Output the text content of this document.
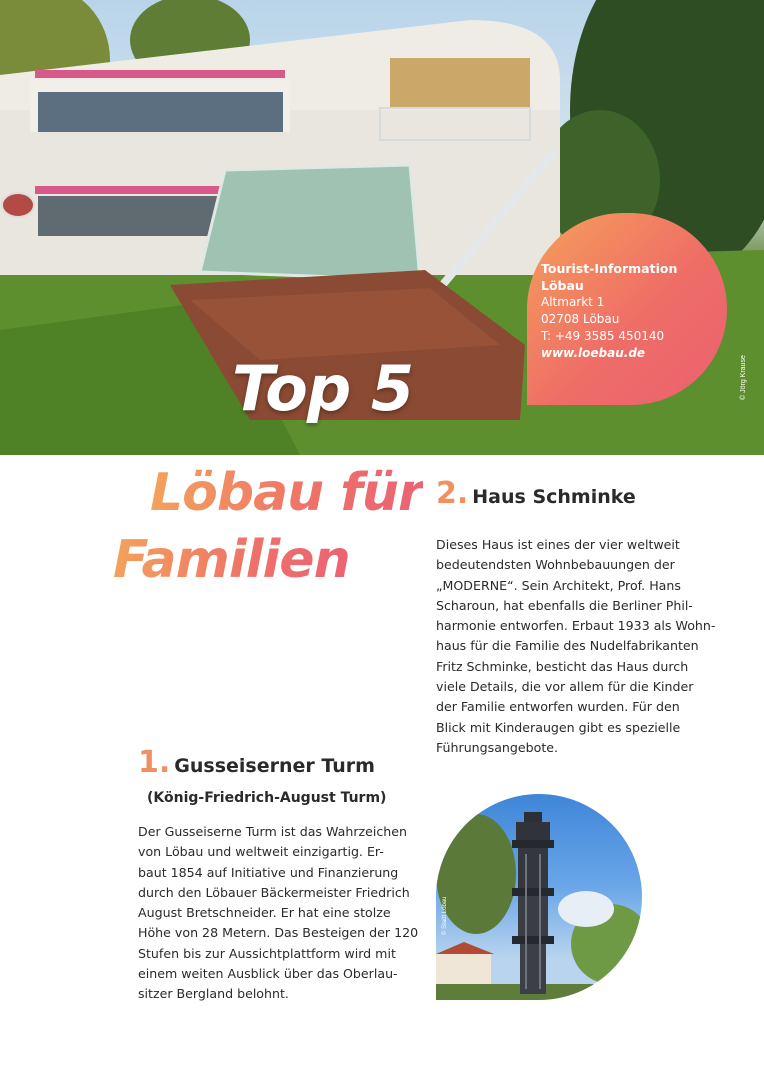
Top 5	© Jörg Krause
Tourist-Information
Löbau
Altmarkt 1
02708 Löbau
T: +49 3585 450140
www.loebau.de
Löbau für
Familien
2. Haus Schminke
Dieses Haus ist eines der vier weltweit
bedeutendsten Wohnbebauungen der
„MODERNE“. Sein Architekt, Prof. Hans
Scharoun, hat ebenfalls die Berliner Phil-
harmonie entworfen. Erbaut 1933 als Wohn-
haus für die Familie des Nudelfabrikanten
Fritz Schminke, besticht das Haus durch
viele Details, die vor allem für die Kinder
der Familie entworfen wurden. Für den
Blick mit Kinderaugen gibt es spezielle
Führungsangebote.
1. Gusseiserner Turm
(König-Friedrich-August Turm)
Der Gusseiserne Turm ist das Wahrzeichen
von Löbau und weltweit einzigartig. Er-
baut 1854 auf Initiative und Finanzierung
durch den Löbauer Bäckermeister Friedrich
August Bretschneider. Er hat eine stolze
Höhe von 28 Metern. Das Besteigen der 120
Stufen bis zur Aussichtplattform wird mit
einem weiten Ausblick über das Oberlau-
sitzer Bergland belohnt.
© Stadt Löbau
